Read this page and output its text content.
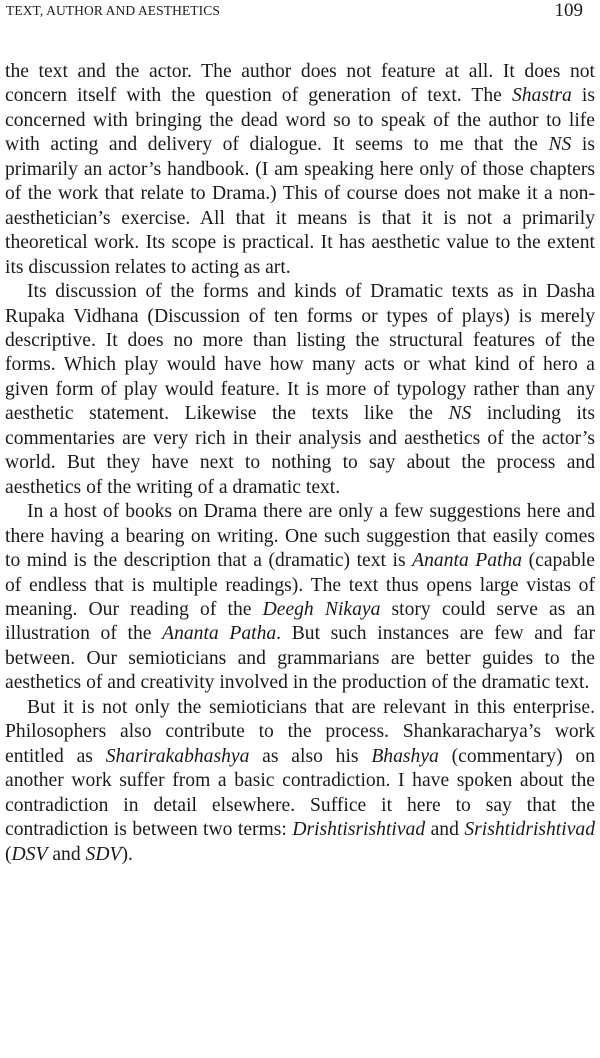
TEXT, AUTHOR AND AESTHETICS	109

the text and the actor. The author does not feature at all. It does not concern itself with the question of generation of text. The Shastra is concerned with bringing the dead word so to speak of the author to life with acting and delivery of dialogue. It seems to me that the NS is primarily an actor’s handbook. (I am speaking here only of those chapters of the work that relate to Drama.) This of course does not make it a non-aesthetician’s exercise. All that it means is that it is not a primarily theoretical work. Its scope is practical. It has aesthetic value to the extent its discussion relates to acting as art.

Its discussion of the forms and kinds of Dramatic texts as in Dasha Rupaka Vidhana (Discussion of ten forms or types of plays) is merely descriptive. It does no more than listing the structural features of the forms. Which play would have how many acts or what kind of hero a given form of play would feature. It is more of typology rather than any aesthetic statement. Likewise the texts like the NS including its commentaries are very rich in their analysis and aesthetics of the actor’s world. But they have next to nothing to say about the process and aesthetics of the writing of a dramatic text.

In a host of books on Drama there are only a few suggestions here and there having a bearing on writing. One such suggestion that easily comes to mind is the description that a (dramatic) text is Ananta Patha (capable of endless that is multiple readings). The text thus opens large vistas of meaning. Our reading of the Deegh Nikaya story could serve as an illustration of the Ananta Patha. But such instances are few and far between. Our semioticians and grammarians are better guides to the aesthetics of and creativity involved in the production of the dramatic text.

But it is not only the semioticians that are relevant in this enterprise. Philosophers also contribute to the process. Shankaracharya’s work entitled as Sharirakabhashya as also his Bhashya (commentary) on another work suffer from a basic contradiction. I have spoken about the contradiction in detail elsewhere. Suffice it here to say that the contradiction is between two terms: Drishtisrishtivad and Srishtidrishtivad (DSV and SDV).
